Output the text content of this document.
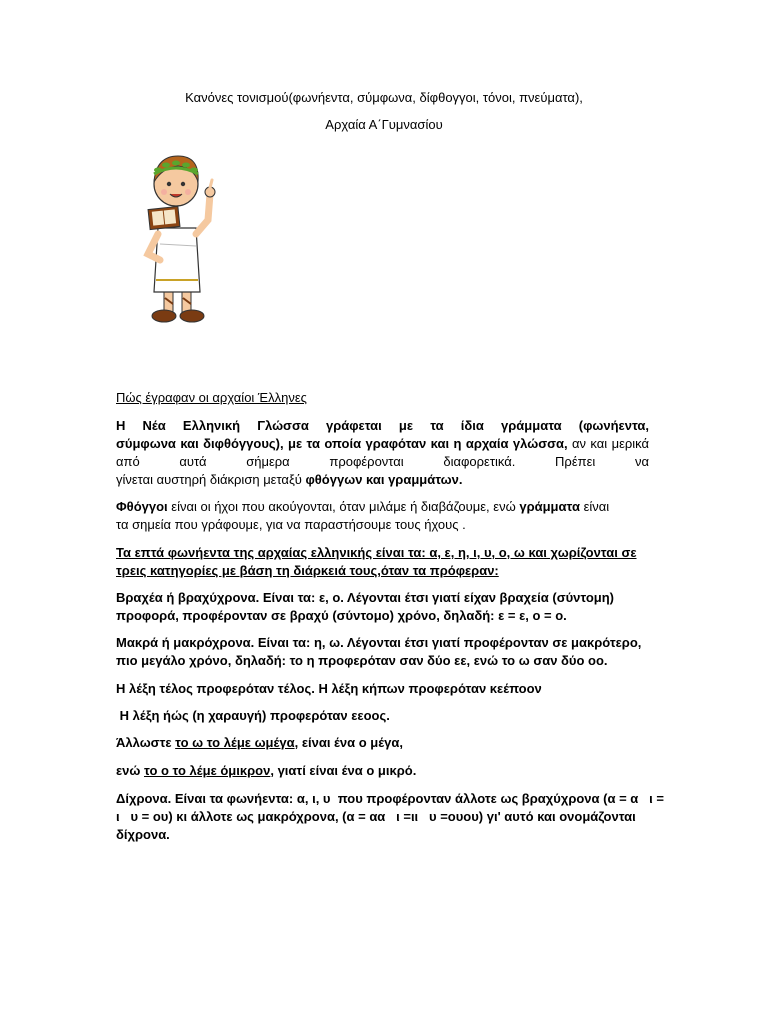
Κανόνες τονισμού(φωνήεντα, σύμφωνα, δίφθογγοι, τόνοι, πνεύματα),
Αρχαία Α΄Γυμνασίου
Πώς έγραφαν οι αρχαίοι Έλληνες
Η Νέα Ελληνική Γλώσσα γράφεται με τα ίδια γράμματα (φωνήεντα,
σύμφωνα και διφθόγγους), με τα οποία γραφόταν και η αρχαία γλώσσα, αν και μερικά
από αυτά σήμερα προφέρονται διαφορετικά. Πρέπει να
γίνεται αυστηρή διάκριση μεταξύ φθόγγων και γραμμάτων.
Φθόγγοι είναι οι ήχοι που ακούγονται, όταν μιλάμε ή διαβάζουμε, ενώ γράμματα είναι
τα σημεία που γράφουμε, για να παραστήσουμε τους ήχους .
Τα επτά φωνήεντα της αρχαίας ελληνικής είναι τα: α, ε, η, ι, υ, ο, ω και χωρίζονται σε
τρεις κατηγορίες με βάση τη διάρκειά τους,όταν τα πρόφεραν:
Βραχέα ή βραχύχρονα. Είναι τα: ε, ο. Λέγονται έτσι γιατί είχαν βραχεία (σύντομη)
προφορά, προφέρονταν σε βραχύ (σύντομο) χρόνο, δηλαδή: ε = ε, ο = ο.
Μακρά ή μακρόχρονα. Είναι τα: η, ω. Λέγονται έτσι γιατί προφέρονταν σε μακρότερο,
πιο μεγάλο χρόνο, δηλαδή: το η προφερόταν σαν δύο εε, ενώ το ω σαν δύο οο.
Η λέξη τέλος προφερόταν τέλος. Η λέξη κήπων προφερόταν κεέποον
Η λέξη ήώς (η χαραυγή) προφερόταν εεοος.
Άλλωστε το ω το λέμε ωμέγα, είναι ένα ο μέγα,
ενώ το ο το λέμε όμικρον, γιατί είναι ένα ο μικρό.
Δίχρονα. Είναι τα φωνήεντα: α, ι, υ  που προφέρονταν άλλοτε ως βραχύχρονα (α = α   ι =
ι   υ = ου) κι άλλοτε ως μακρόχρονα, (α = αα   ι =ιι   υ =ουου) γι' αυτό και ονομάζονται
δίχρονα.
